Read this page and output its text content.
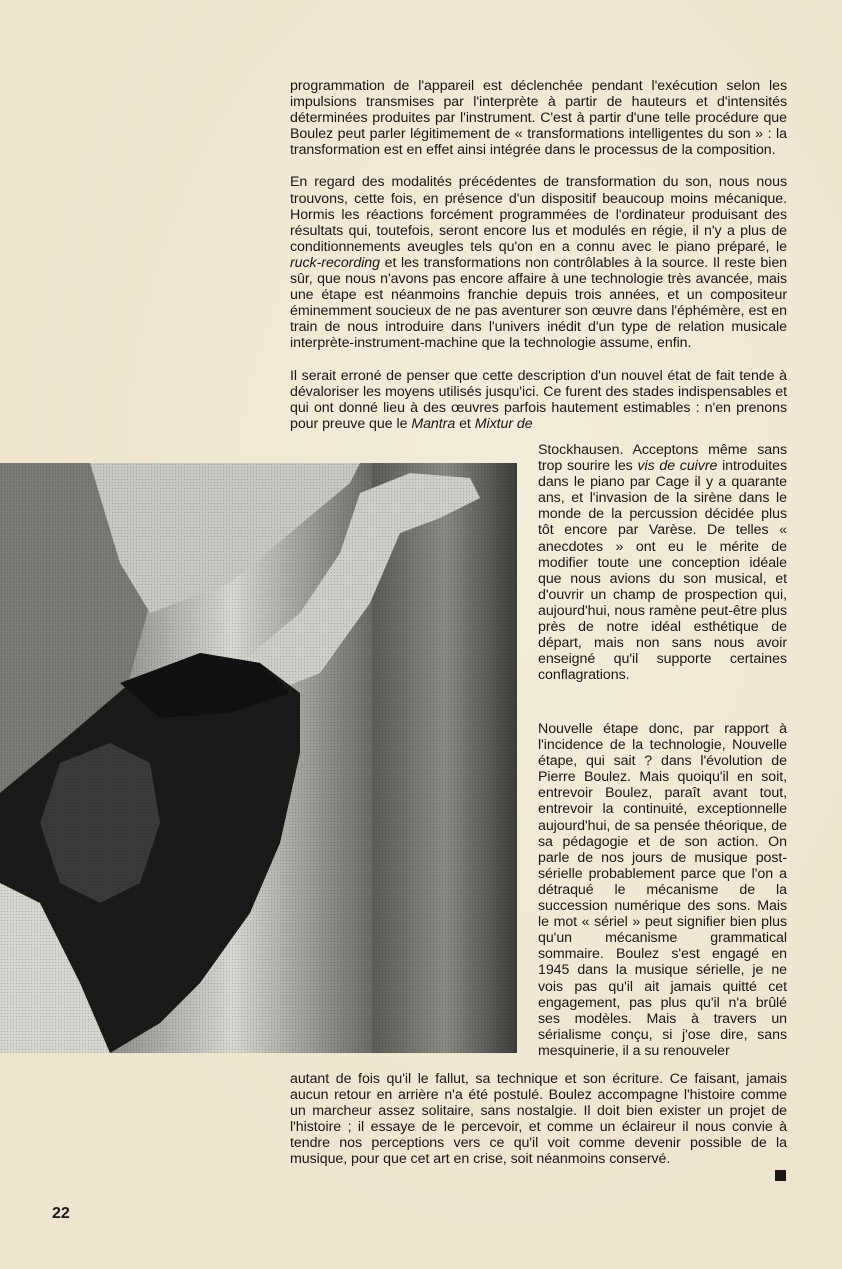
programmation de l'appareil est déclenchée pendant l'exécution selon les impulsions transmises par l'interprète à partir de hauteurs et d'intensités déterminées produites par l'instrument. C'est à partir d'une telle procédure que Boulez peut parler légitimement de « transformations intelligentes du son » : la transformation est en effet ainsi intégrée dans le processus de la composition.

En regard des modalités précédentes de transformation du son, nous nous trouvons, cette fois, en présence d'un dispositif beaucoup moins mécanique. Hormis les réactions forcément programmées de l'ordinateur produisant des résultats qui, toutefois, seront encore lus et modulés en régie, il n'y a plus de conditionnements aveugles tels qu'on en a connu avec le piano préparé, le ruck-recording et les transformations non contrôlables à la source. Il reste bien sûr, que nous n'avons pas encore affaire à une technologie très avancée, mais une étape est néanmoins franchie depuis trois années, et un compositeur éminemment soucieux de ne pas aventurer son œuvre dans l'éphémère, est en train de nous introduire dans l'univers inédit d'un type de relation musicale interprète-instrument-machine que la technologie assume, enfin.

Il serait erroné de penser que cette description d'un nouvel état de fait tende à dévaloriser les moyens utilisés jusqu'ici. Ce furent des stades indispensables et qui ont donné lieu à des œuvres parfois hautement estimables : n'en prenons pour preuve que le Mantra et Mixtur de

Stockhausen. Acceptons même sans trop sourire les vis de cuivre introduites dans le piano par Cage il y a quarante ans, et l'invasion de la sirène dans le monde de la percussion décidée plus tôt encore par Varèse. De telles « anecdotes » ont eu le mérite de modifier toute une conception idéale que nous avions du son musical, et d'ouvrir un champ de prospection qui, aujourd'hui, nous ramène peut-être plus près de notre idéal esthétique de départ, mais non sans nous avoir enseigné qu'il supporte certaines conflagrations.

Nouvelle étape donc, par rapport à l'incidence de la technologie, Nouvelle étape, qui sait ? dans l'évolution de Pierre Boulez. Mais quoiqu'il en soit, entrevoir Boulez, paraît avant tout, entrevoir la continuité, exceptionnelle aujourd'hui, de sa pensée théorique, de sa pédagogie et de son action. On parle de nos jours de musique post-sérielle probablement parce que l'on a détraqué le mécanisme de la succession numérique des sons. Mais le mot « sériel » peut signifier bien plus qu'un mécanisme grammatical sommaire. Boulez s'est engagé en 1945 dans la musique sérielle, je ne vois pas qu'il ait jamais quitté cet engagement, pas plus qu'il n'a brûlé ses modèles. Mais à travers un sérialisme conçu, si j'ose dire, sans mesquinerie, il a su renouveler

autant de fois qu'il le fallut, sa technique et son écriture. Ce faisant, jamais aucun retour en arrière n'a été postulé. Boulez accompagne l'histoire comme un marcheur assez solitaire, sans nostalgie. Il doit bien exister un projet de l'histoire ; il essaye de le percevoir, et comme un éclaireur il nous convie à tendre nos perceptions vers ce qu'il voit comme devenir possible de la musique, pour que cet art en crise, soit néanmoins conservé.

22
